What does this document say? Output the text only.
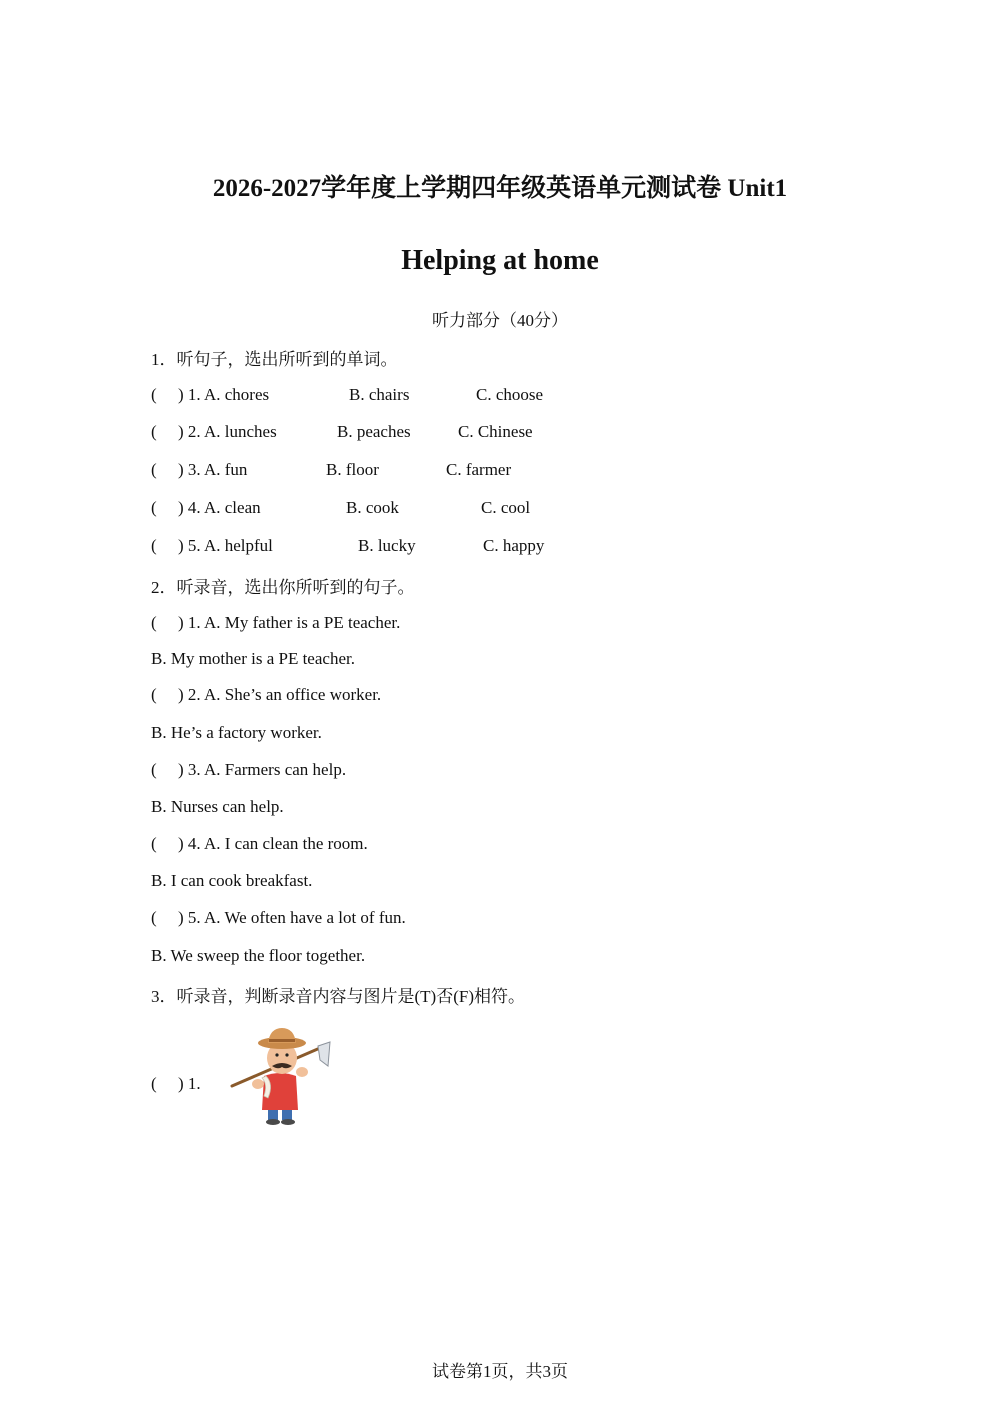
2026-2027学年度上学期四年级英语单元测试卷 Unit1
Helping at home
听力部分（40分）
1．听句子，选出所听到的单词。
( ) 1. A. chores	B. chairs	C. choose
( ) 2. A. lunches	B. peaches	C. Chinese
( ) 3. A. fun	B. floor	C. farmer
( ) 4. A. clean	B. cook	C. cool
( ) 5. A. helpful	B. lucky	C. happy
2．听录音，选出你所听到的句子。
( ) 1. A. My father is a PE teacher.
B. My mother is a PE teacher.
( ) 2. A. She’s an office worker.
B. He’s a factory worker.
( ) 3. A. Farmers can help.
B. Nurses can help.
( ) 4. A. I can clean the room.
B. I can cook breakfast.
( ) 5. A. We often have a lot of fun.
B. We sweep the floor together.
3．听录音，判断录音内容与图片是(T)否(F)相符。
( ) 1.
试卷第1页，共3页
